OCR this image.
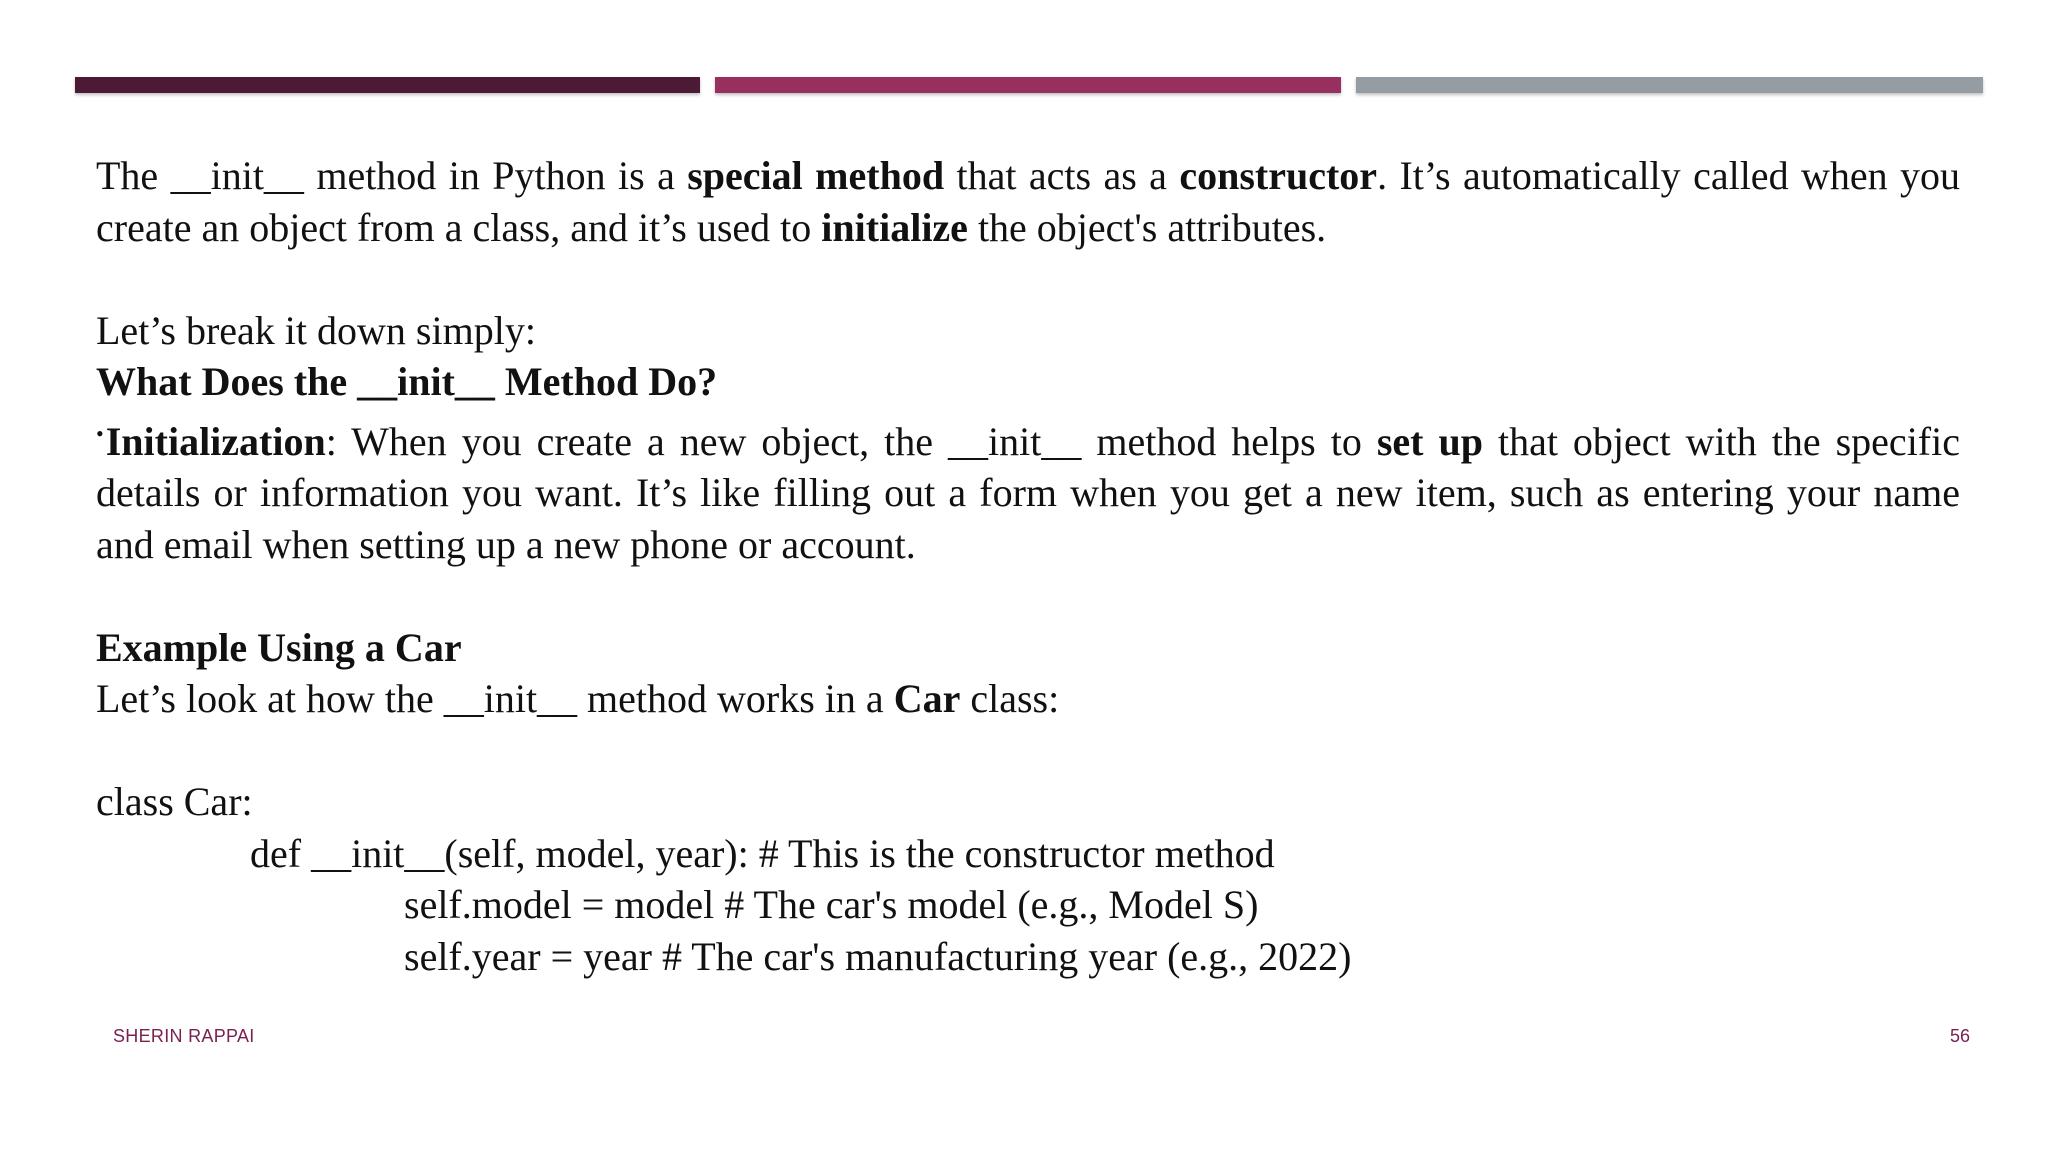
The __init__ method in Python is a special method that acts as a constructor. It’s automatically called when you create an object from a class, and it’s used to initialize the object's attributes.

Let’s break it down simply:

What Does the __init__ Method Do?

•Initialization: When you create a new object, the __init__ method helps to set up that object with the specific details or information you want. It’s like filling out a form when you get a new item, such as entering your name and email when setting up a new phone or account.

Example Using a Car

Let’s look at how the __init__ method works in a Car class:

class Car:

def __init__(self, model, year): # This is the constructor method

self.model = model # The car's model (e.g., Model S)

self.year = year # The car's manufacturing year (e.g., 2022)

SHERIN RAPPAI	56
